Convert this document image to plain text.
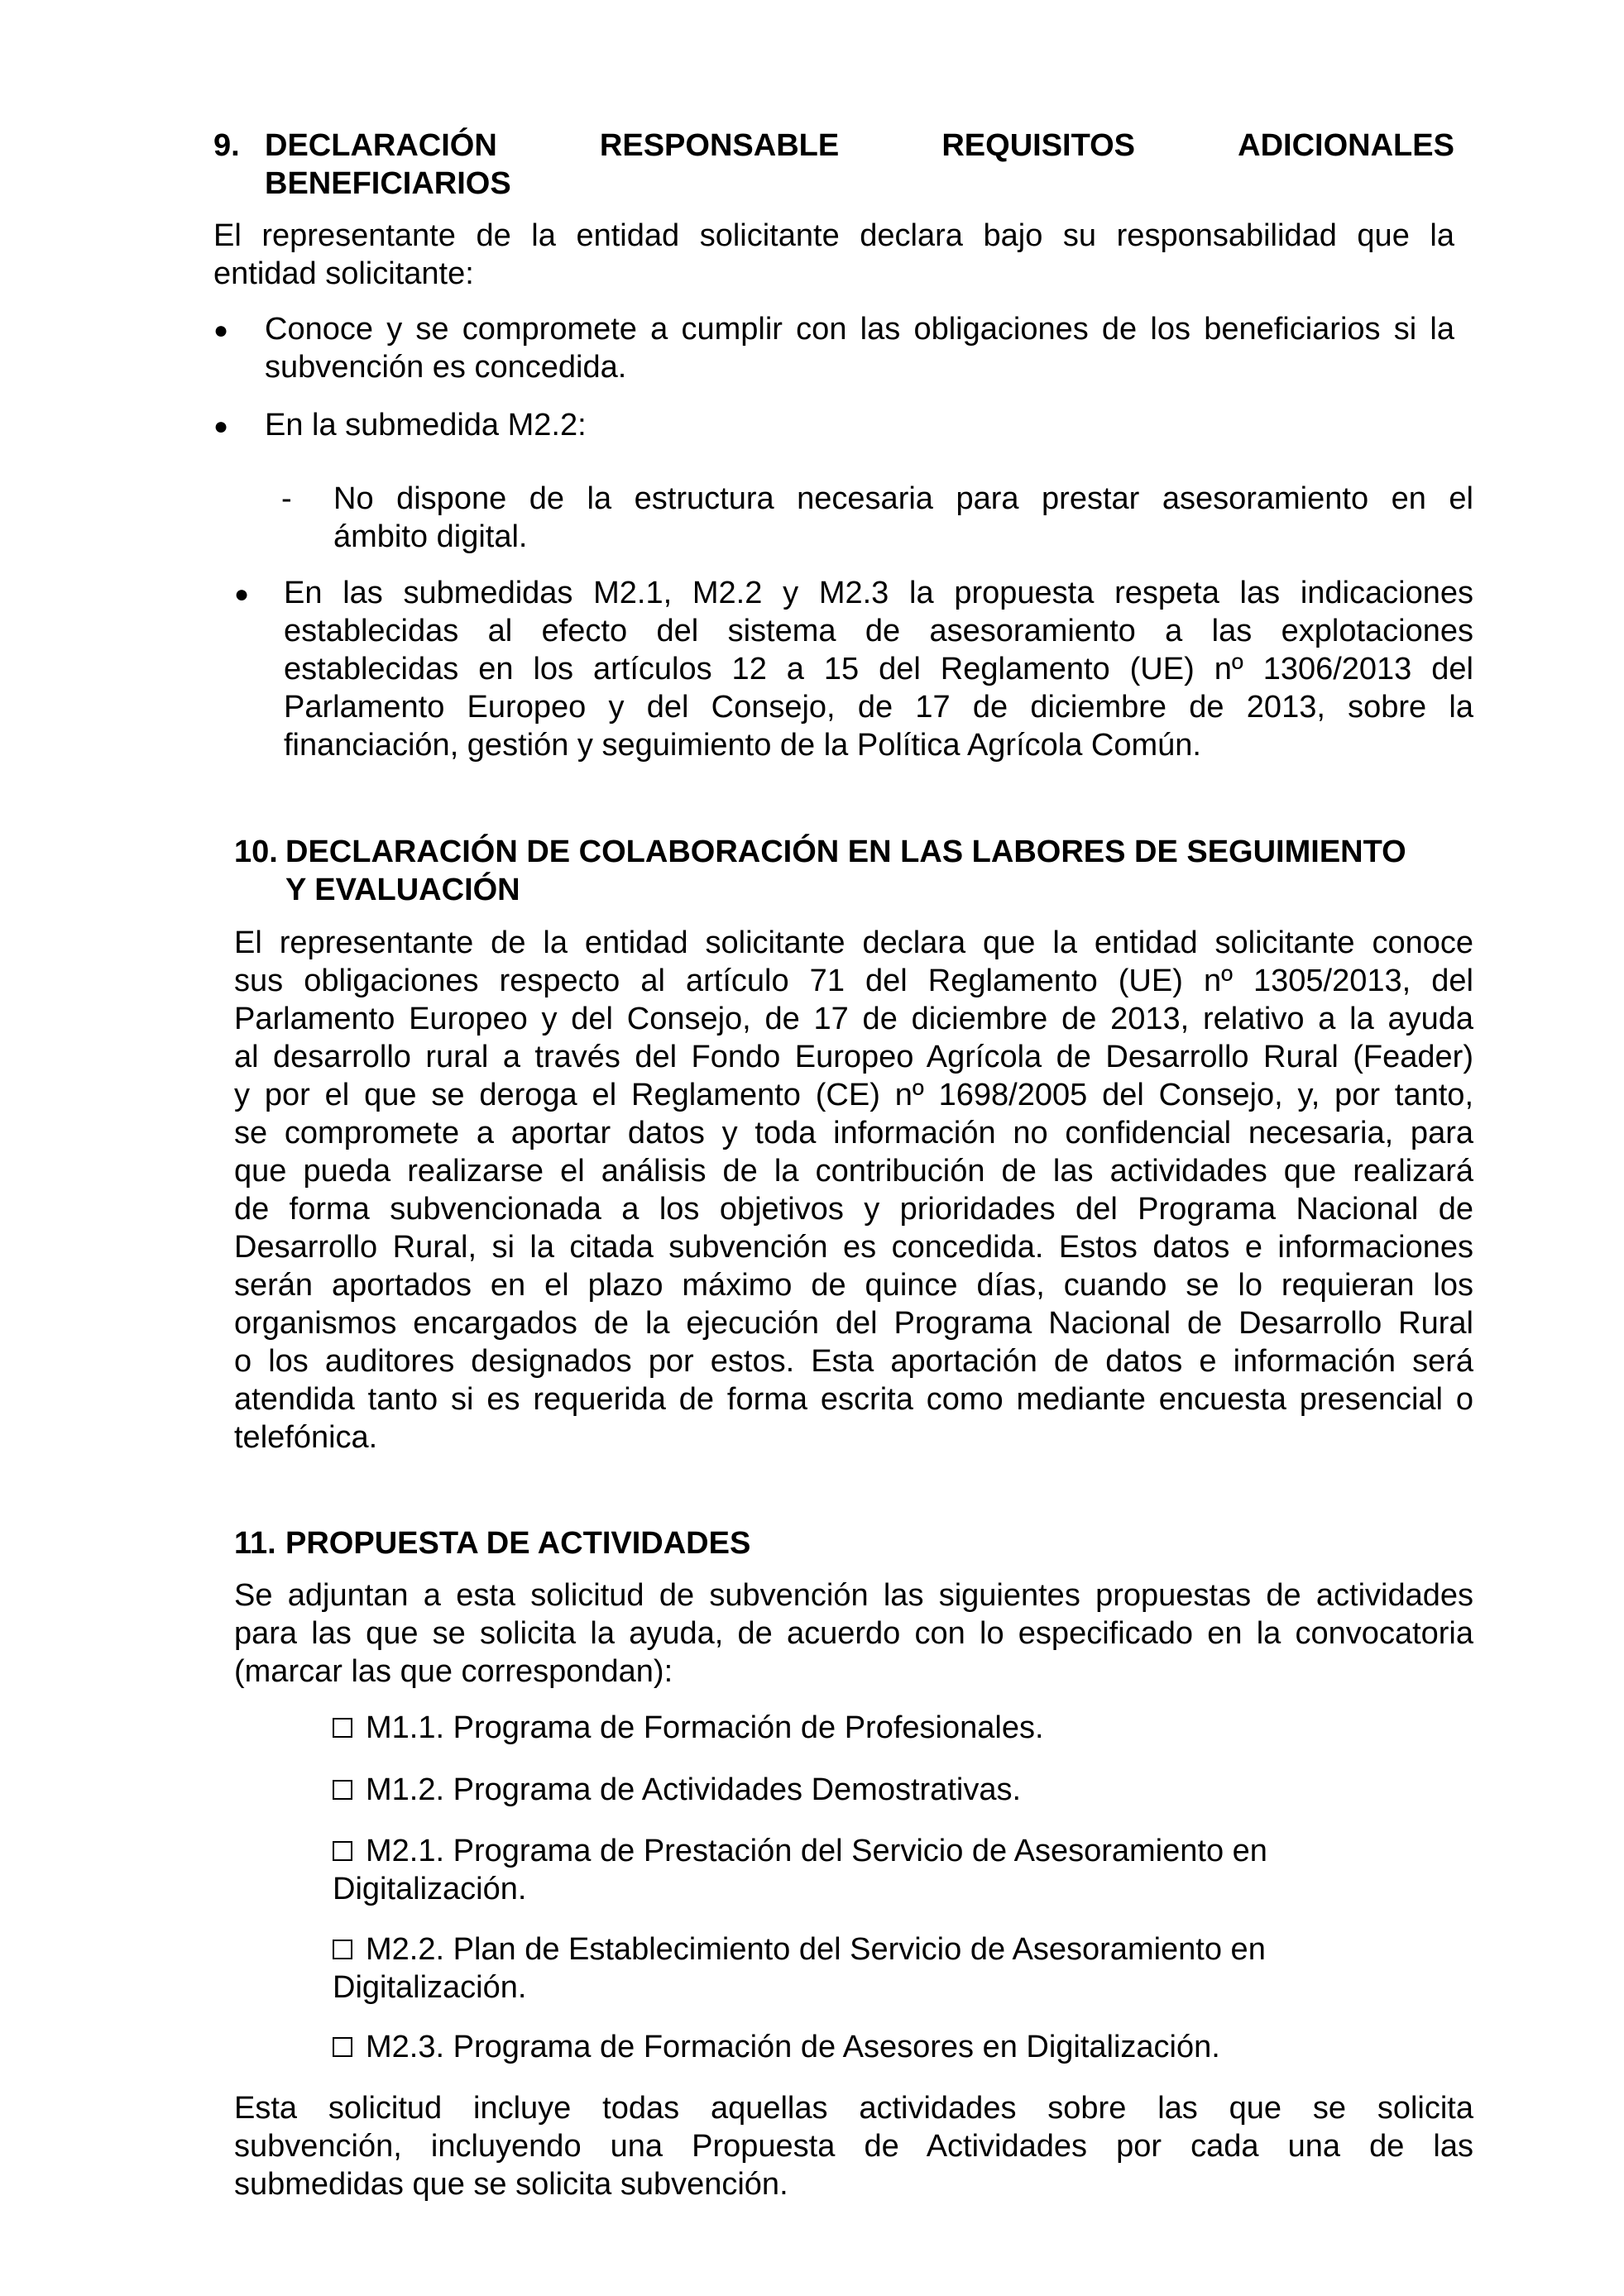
9. DECLARACIÓN	RESPONSABLE	REQUISITOS	ADICIONALES
BENEFICIARIOS
El representante de la entidad solicitante declara bajo su responsabilidad que la
entidad solicitante:
● Conoce y se compromete a cumplir con las obligaciones de los beneficiarios si la
subvención es concedida.
● En la submedida M2.2:
- No dispone de la estructura necesaria para prestar asesoramiento en el
ámbito digital.
● En las submedidas M2.1, M2.2 y M2.3 la propuesta respeta las indicaciones
establecidas al efecto del sistema de asesoramiento a las explotaciones
establecidas en los artículos 12 a 15 del Reglamento (UE) nº 1306/2013 del
Parlamento Europeo y del Consejo, de 17 de diciembre de 2013, sobre la
financiación, gestión y seguimiento de la Política Agrícola Común.
10. DECLARACIÓN DE COLABORACIÓN EN LAS LABORES DE SEGUIMIENTO
Y EVALUACIÓN
El representante de la entidad solicitante declara que la entidad solicitante conoce
sus obligaciones respecto al artículo 71 del Reglamento (UE) nº 1305/2013, del
Parlamento Europeo y del Consejo, de 17 de diciembre de 2013, relativo a la ayuda
al desarrollo rural a través del Fondo Europeo Agrícola de Desarrollo Rural (Feader)
y por el que se deroga el Reglamento (CE) nº 1698/2005 del Consejo, y, por tanto,
se compromete a aportar datos y toda información no confidencial necesaria, para
que pueda realizarse el análisis de la contribución de las actividades que realizará
de forma subvencionada a los objetivos y prioridades del Programa Nacional de
Desarrollo Rural, si la citada subvención es concedida. Estos datos e informaciones
serán aportados en el plazo máximo de quince días, cuando se lo requieran los
organismos encargados de la ejecución del Programa Nacional de Desarrollo Rural
o los auditores designados por estos. Esta aportación de datos e información será
atendida tanto si es requerida de forma escrita como mediante encuesta presencial o
telefónica.
11. PROPUESTA DE ACTIVIDADES
Se adjuntan a esta solicitud de subvención las siguientes propuestas de actividades
para las que se solicita la ayuda, de acuerdo con lo especificado en la convocatoria
(marcar las que correspondan):
M1.1. Programa de Formación de Profesionales.
M1.2. Programa de Actividades Demostrativas.
M2.1. Programa de Prestación del Servicio de Asesoramiento en
Digitalización.
M2.2. Plan de Establecimiento del Servicio de Asesoramiento en
Digitalización.
M2.3. Programa de Formación de Asesores en Digitalización.
Esta solicitud incluye todas aquellas actividades sobre las que se solicita
subvención, incluyendo una Propuesta de Actividades por cada una de las
submedidas que se solicita subvención.
